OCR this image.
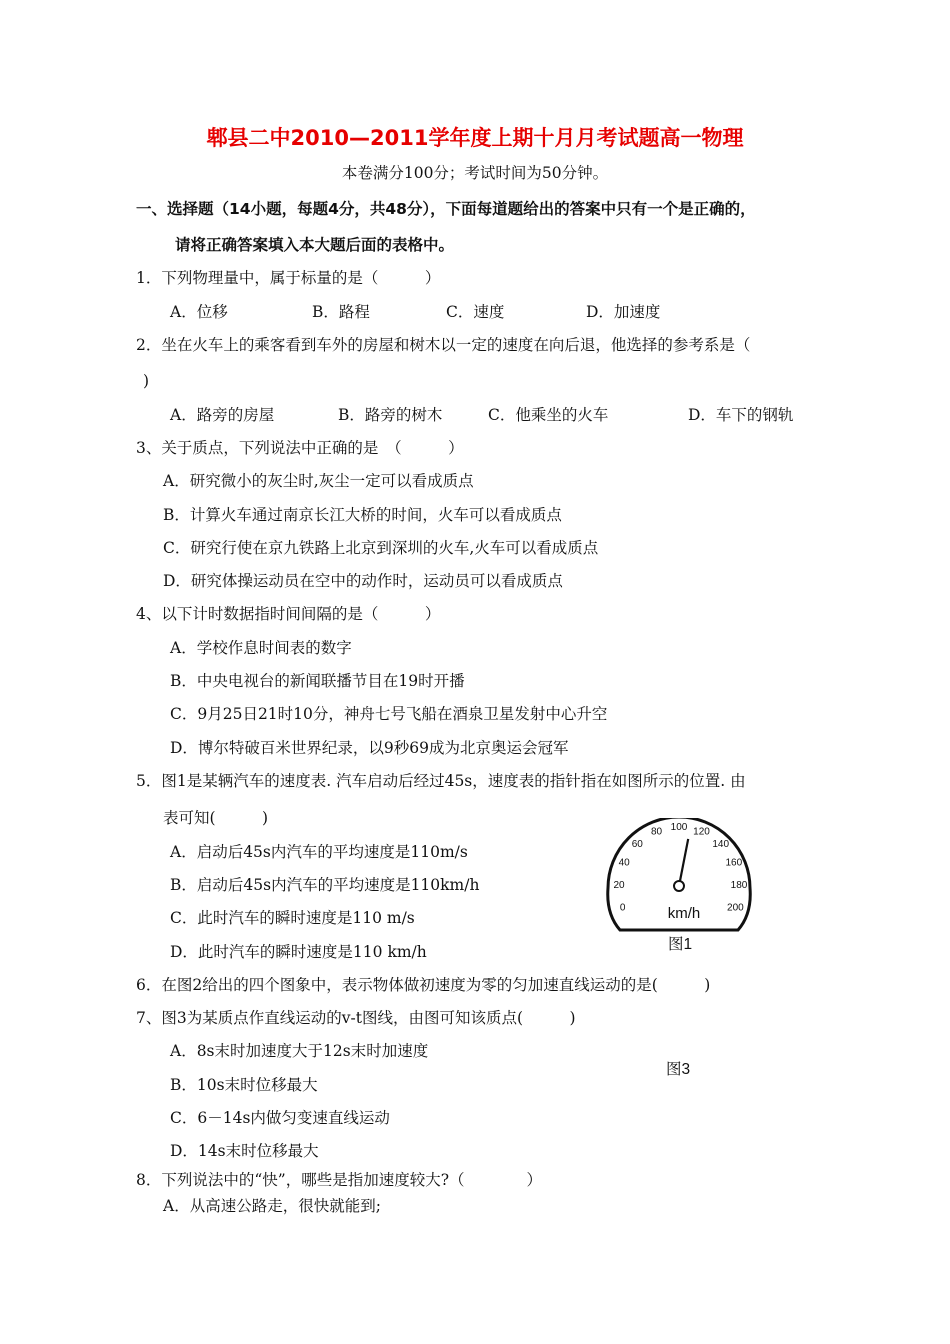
郫县二中2010—2011学年度上期十月月考试题高一物理
本卷满分100分；考试时间为50分钟。
一、选择题（14小题，每题4分，共48分），下面每道题给出的答案中只有一个是正确的，
请将正确答案填入本大题后面的表格中。
1．下列物理量中，属于标量的是（　　　）
A．位移	B．路程	C．速度	D．加速度
2．坐在火车上的乘客看到车外的房屋和树木以一定的速度在向后退，他选择的参考系是（
)
A．路旁的房屋	B．路旁的树木	C．他乘坐的火车	D．车下的钢轨
3、关于质点，下列说法中正确的是　（　　　）
A．研究微小的灰尘时,灰尘一定可以看成质点
B．计算火车通过南京长江大桥的时间，火车可以看成质点
C．研究行使在京九铁路上北京到深圳的火车,火车可以看成质点
D．研究体操运动员在空中的动作时，运动员可以看成质点
4、以下计时数据指时间间隔的是（　　　）
A．学校作息时间表的数字
B．中央电视台的新闻联播节目在19时开播
C．9月25日21时10分，神舟七号飞船在酒泉卫星发射中心升空
D．博尔特破百米世界纪录，以9秒69成为北京奥运会冠军
5．图1是某辆汽车的速度表. 汽车启动后经过45s，速度表的指针指在如图所示的位置. 由
表可知(　　　)
A．启动后45s内汽车的平均速度是110m/s
B．启动后45s内汽车的平均速度是110km/h
C．此时汽车的瞬时速度是110 m/s
D．此时汽车的瞬时速度是110 km/h
0
20
40
60
80 100 120
140
160
180
200
km/h
图1
6．在图2给出的四个图象中，表示物体做初速度为零的匀加速直线运动的是(　　　)
7、图3为某质点作直线运动的v-t图线，由图可知该质点(　　　)
A．8s末时加速度大于12s末时加速度
B．10s末时位移最大
C．6－14s内做匀变速直线运动
D．14s末时位移最大
图3
8．下列说法中的“快”，哪些是指加速度较大?（　　　　）
A．从高速公路走，很快就能到;
